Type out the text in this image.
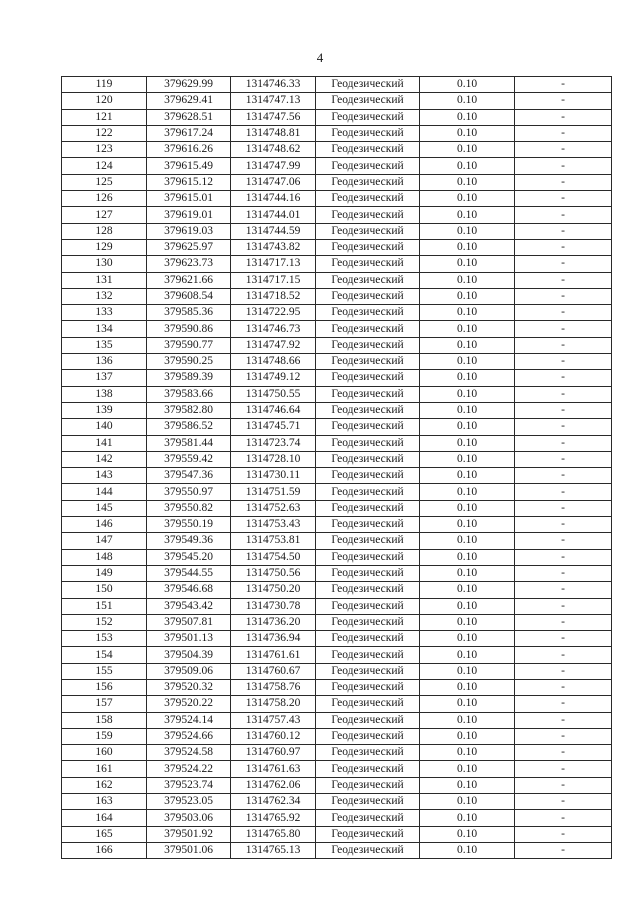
4
119	379629.99	1314746.33	Геодезический	0.10	-
120	379629.41	1314747.13	Геодезический	0.10	-
121	379628.51	1314747.56	Геодезический	0.10	-
122	379617.24	1314748.81	Геодезический	0.10	-
123	379616.26	1314748.62	Геодезический	0.10	-
124	379615.49	1314747.99	Геодезический	0.10	-
125	379615.12	1314747.06	Геодезический	0.10	-
126	379615.01	1314744.16	Геодезический	0.10	-
127	379619.01	1314744.01	Геодезический	0.10	-
128	379619.03	1314744.59	Геодезический	0.10	-
129	379625.97	1314743.82	Геодезический	0.10	-
130	379623.73	1314717.13	Геодезический	0.10	-
131	379621.66	1314717.15	Геодезический	0.10	-
132	379608.54	1314718.52	Геодезический	0.10	-
133	379585.36	1314722.95	Геодезический	0.10	-
134	379590.86	1314746.73	Геодезический	0.10	-
135	379590.77	1314747.92	Геодезический	0.10	-
136	379590.25	1314748.66	Геодезический	0.10	-
137	379589.39	1314749.12	Геодезический	0.10	-
138	379583.66	1314750.55	Геодезический	0.10	-
139	379582.80	1314746.64	Геодезический	0.10	-
140	379586.52	1314745.71	Геодезический	0.10	-
141	379581.44	1314723.74	Геодезический	0.10	-
142	379559.42	1314728.10	Геодезический	0.10	-
143	379547.36	1314730.11	Геодезический	0.10	-
144	379550.97	1314751.59	Геодезический	0.10	-
145	379550.82	1314752.63	Геодезический	0.10	-
146	379550.19	1314753.43	Геодезический	0.10	-
147	379549.36	1314753.81	Геодезический	0.10	-
148	379545.20	1314754.50	Геодезический	0.10	-
149	379544.55	1314750.56	Геодезический	0.10	-
150	379546.68	1314750.20	Геодезический	0.10	-
151	379543.42	1314730.78	Геодезический	0.10	-
152	379507.81	1314736.20	Геодезический	0.10	-
153	379501.13	1314736.94	Геодезический	0.10	-
154	379504.39	1314761.61	Геодезический	0.10	-
155	379509.06	1314760.67	Геодезический	0.10	-
156	379520.32	1314758.76	Геодезический	0.10	-
157	379520.22	1314758.20	Геодезический	0.10	-
158	379524.14	1314757.43	Геодезический	0.10	-
159	379524.66	1314760.12	Геодезический	0.10	-
160	379524.58	1314760.97	Геодезический	0.10	-
161	379524.22	1314761.63	Геодезический	0.10	-
162	379523.74	1314762.06	Геодезический	0.10	-
163	379523.05	1314762.34	Геодезический	0.10	-
164	379503.06	1314765.92	Геодезический	0.10	-
165	379501.92	1314765.80	Геодезический	0.10	-
166	379501.06	1314765.13	Геодезический	0.10	-
